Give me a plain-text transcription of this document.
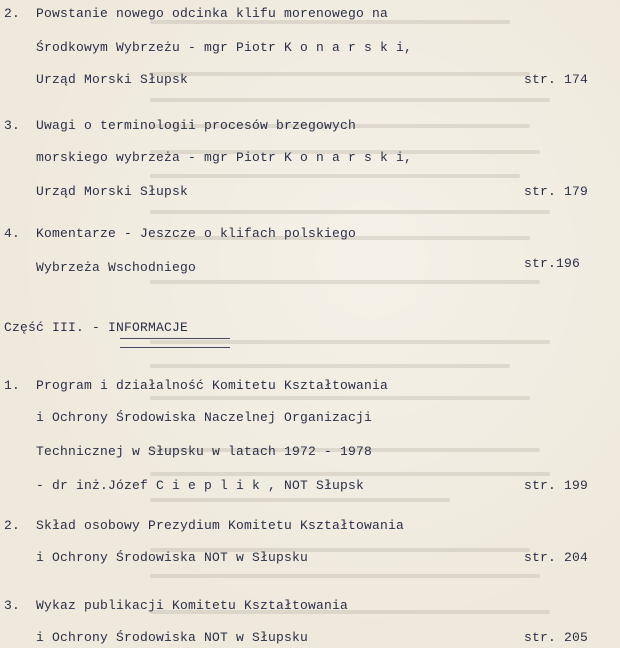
2. Powstanie nowego odcinka klifu morenowego na
Środkowym Wybrzeżu - mgr Piotr K o n a r s k i,
Urząd Morski Słupsk	str. 174
3. Uwagi o terminologii procesów brzegowych
morskiego wybrzeża - mgr Piotr K o n a r s k i,
Urząd Morski Słupsk	str. 179
4. Komentarze - Jeszcze o klifach polskiego
Wybrzeża Wschodniego	str.196
Część III. - INFORMACJE
1. Program i działalność Komitetu Kształtowania
i Ochrony Środowiska Naczelnej Organizacji
Technicznej w Słupsku w latach 1972 - 1978
- dr inż.Józef C i e p l i k , NOT Słupsk	str. 199
2. Skład osobowy Prezydium Komitetu Kształtowania
i Ochrony Środowiska NOT w Słupsku	str. 204
3. Wykaz publikacji Komitetu Kształtowania
i Ochrony Środowiska NOT w Słupsku	str. 205
